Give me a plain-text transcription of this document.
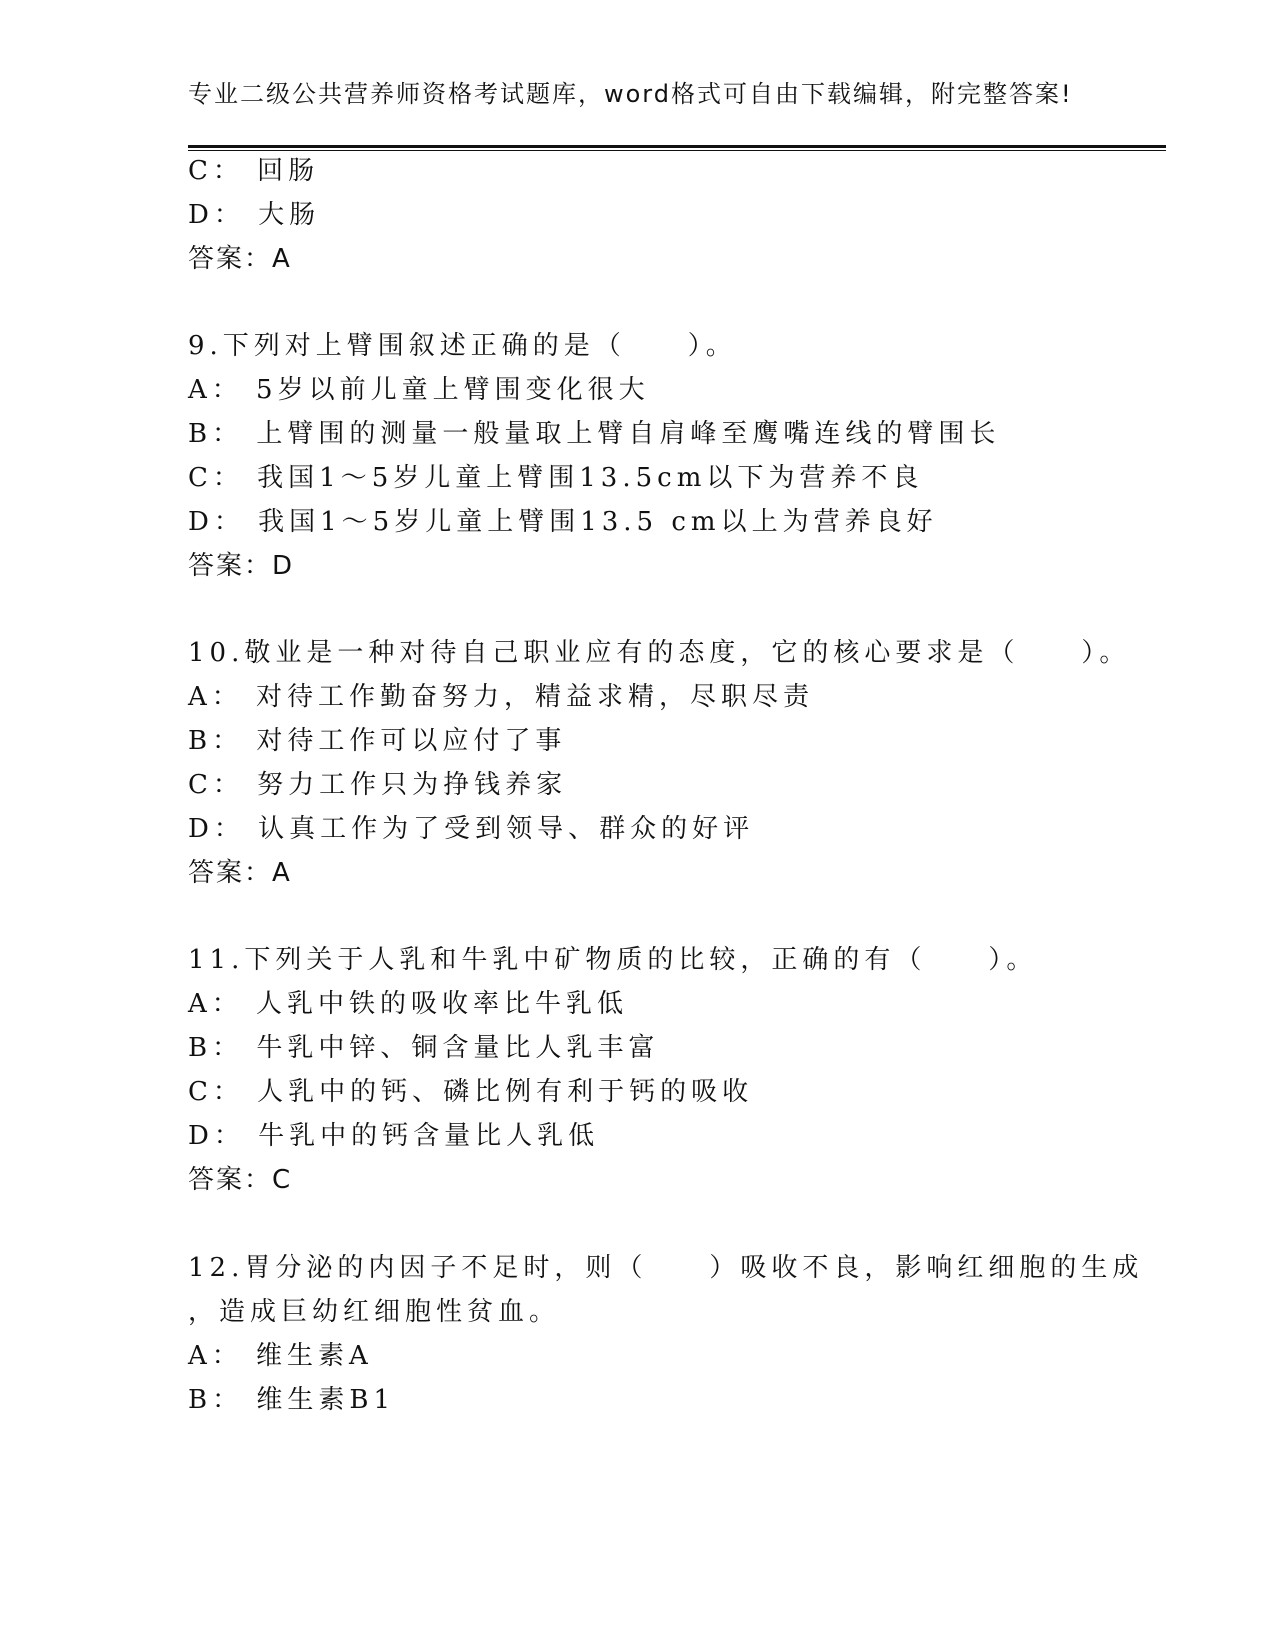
专业二级公共营养师资格考试题库，word格式可自由下载编辑，附完整答案!
C： 回肠
D： 大肠
答案：A
9.下列对上臂围叙述正确的是（　　）。
A： 5岁以前儿童上臂围变化很大
B： 上臂围的测量一般量取上臂自肩峰至鹰嘴连线的臂围长
C： 我国1～5岁儿童上臂围13.5cm以下为营养不良
D： 我国1～5岁儿童上臂围13.5 cm以上为营养良好
答案：D
10.敬业是一种对待自己职业应有的态度，它的核心要求是（　　）。
A： 对待工作勤奋努力，精益求精，尽职尽责
B： 对待工作可以应付了事
C： 努力工作只为挣钱养家
D： 认真工作为了受到领导、群众的好评
答案：A
11.下列关于人乳和牛乳中矿物质的比较，正确的有（　　）。
A： 人乳中铁的吸收率比牛乳低
B： 牛乳中锌、铜含量比人乳丰富
C： 人乳中的钙、磷比例有利于钙的吸收
D： 牛乳中的钙含量比人乳低
答案：C
12.胃分泌的内因子不足时，则（　　）吸收不良，影响红细胞的生成
，造成巨幼红细胞性贫血。
A： 维生素A
B： 维生素B1
